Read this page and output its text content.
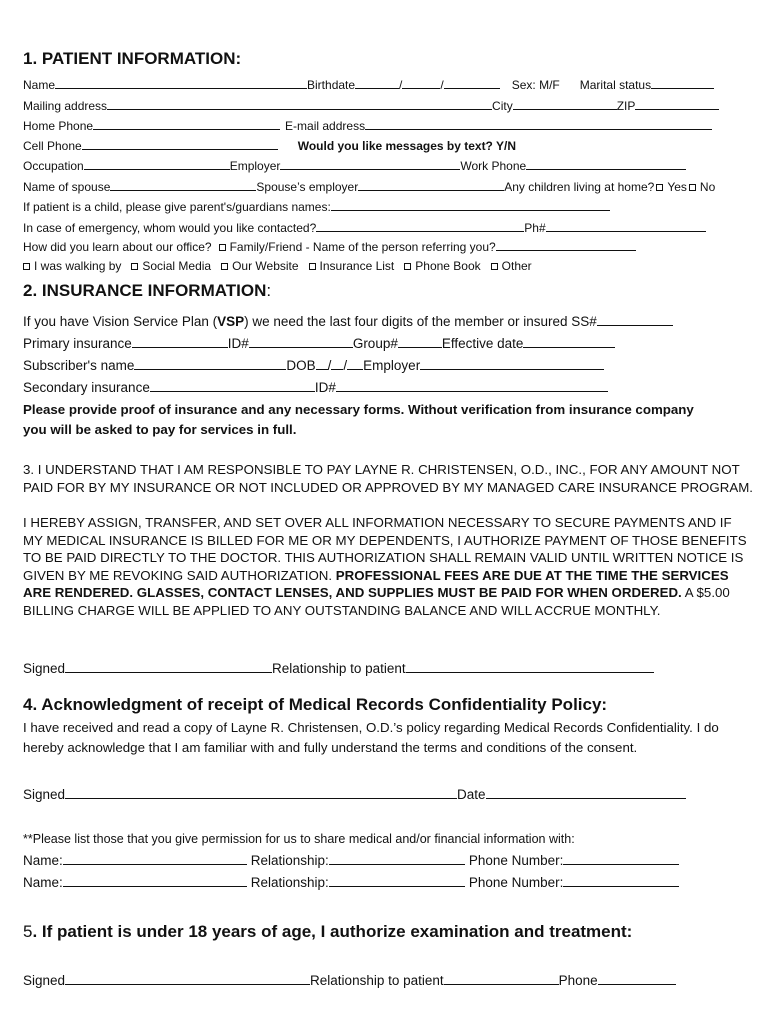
1. PATIENT INFORMATION:
Name	Birthdate	/	/	Sex: M/F Marital status
Mailing address	City	ZIP
Home Phone	E-mail address
Cell Phone	Would you like messages by text? Y/N
Occupation	Employer	Work Phone
Name of spouse	Spouse’s employer	Any children living at home? Yes No
If patient is a child, please give parent's/guardians names:
In case of emergency, whom would you like contacted?	Ph#
How did you learn about our office? Family/Friend - Name of the person referring you?
I was walking by Social Media Our Website Insurance List Phone Book Other
2. INSURANCE INFORMATION:
If you have Vision Service Plan (VSP) we need the last four digits of the member or insured SS#
Primary insurance	ID#	Group#	Effective date
Subscriber's name	DOB / / Employer
Secondary insurance	ID#
Please provide proof of insurance and any necessary forms. Without verification from insurance company
you will be asked to pay for services in full.
3. I UNDERSTAND THAT I AM RESPONSIBLE TO PAY LAYNE R. CHRISTENSEN, O.D., INC., FOR ANY AMOUNT NOT PAID FOR BY MY INSURANCE OR NOT INCLUDED OR APPROVED BY MY MANAGED CARE INSURANCE PROGRAM.
I HEREBY ASSIGN, TRANSFER, AND SET OVER ALL INFORMATION NECESSARY TO SECURE PAYMENTS AND IF MY MEDICAL INSURANCE IS BILLED FOR ME OR MY DEPENDENTS, I AUTHORIZE PAYMENT OF THOSE BENEFITS TO BE PAID DIRECTLY TO THE DOCTOR. THIS AUTHORIZATION SHALL REMAIN VALID UNTIL WRITTEN NOTICE IS GIVEN BY ME REVOKING SAID AUTHORIZATION. PROFESSIONAL FEES ARE DUE AT THE TIME THE SERVICES ARE RENDERED. GLASSES, CONTACT LENSES, AND SUPPLIES MUST BE PAID FOR WHEN ORDERED. A $5.00 BILLING CHARGE WILL BE APPLIED TO ANY OUTSTANDING BALANCE AND WILL ACCRUE MONTHLY.
Signed	Relationship to patient
4. Acknowledgment of receipt of Medical Records Confidentiality Policy:
I have received and read a copy of Layne R. Christensen, O.D.’s policy regarding Medical Records Confidentiality. I do hereby acknowledge that I am familiar with and fully understand the terms and conditions of the consent.
Signed	Date
**Please list those that you give permission for us to share medical and/or financial information with:
Name:	Relationship:	Phone Number:
Name:	Relationship:	Phone Number:
5. If patient is under 18 years of age, I authorize examination and treatment:
Signed	Relationship to patient	Phone
